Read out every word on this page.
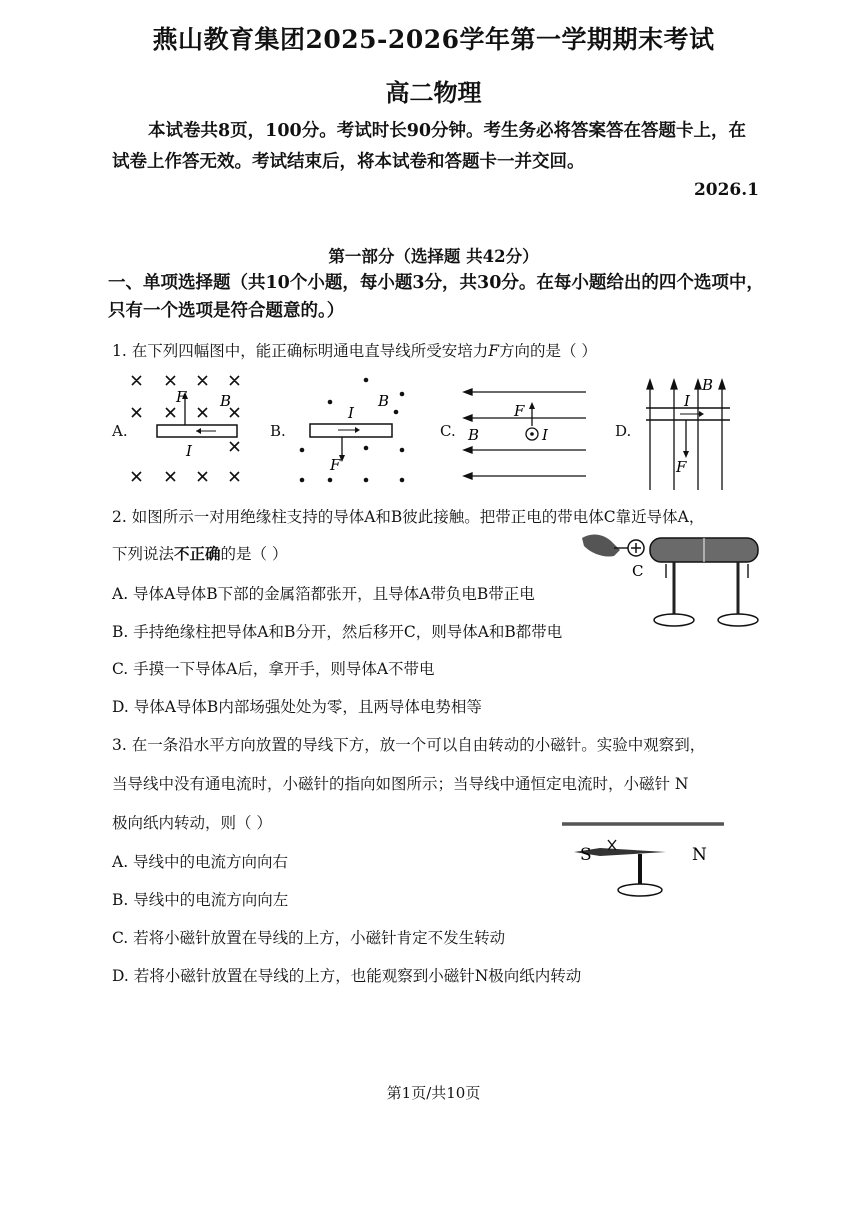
燕山教育集团2025-2026学年第一学期期末考试
高二物理
本试卷共8页，100分。考试时长90分钟。考生务必将答案答在答题卡上，在试卷上作答无效。考试结束后，将本试卷和答题卡一并交回。
2026.1
第一部分（选择题 共42分）
一、单项选择题（共10个小题，每小题3分，共30分。在每小题给出的四个选项中，只有一个选项是符合题意的。）
1. 在下列四幅图中，能正确标明通电直导线所受安培力F方向的是（ ）
A.
F B
I
B.
I
B
F
C.
F
B	I	D.
B
I
F
2. 如图所示一对用绝缘柱支持的导体A和B彼此接触。把带正电的带电体C靠近导体A，
下列说法不正确的是（ ）
A. 导体A导体B下部的金属箔都张开，且导体A带负电B带正电
B. 手持绝缘柱把导体A和B分开，然后移开C，则导体A和B都带电
C. 手摸一下导体A后，拿开手，则导体A不带电
D. 导体A导体B内部场强处处为零，且两导体电势相等
C
3. 在一条沿水平方向放置的导线下方，放一个可以自由转动的小磁针。实验中观察到，
当导线中没有通电流时，小磁针的指向如图所示；当导线中通恒定电流时，小磁针 N
极向纸内转动，则（ ）
A. 导线中的电流方向向右
B. 导线中的电流方向向左
C. 若将小磁针放置在导线的上方，小磁针肯定不发生转动
D. 若将小磁针放置在导线的上方，也能观察到小磁针N极向纸内转动
S	N
第1页/共10页
